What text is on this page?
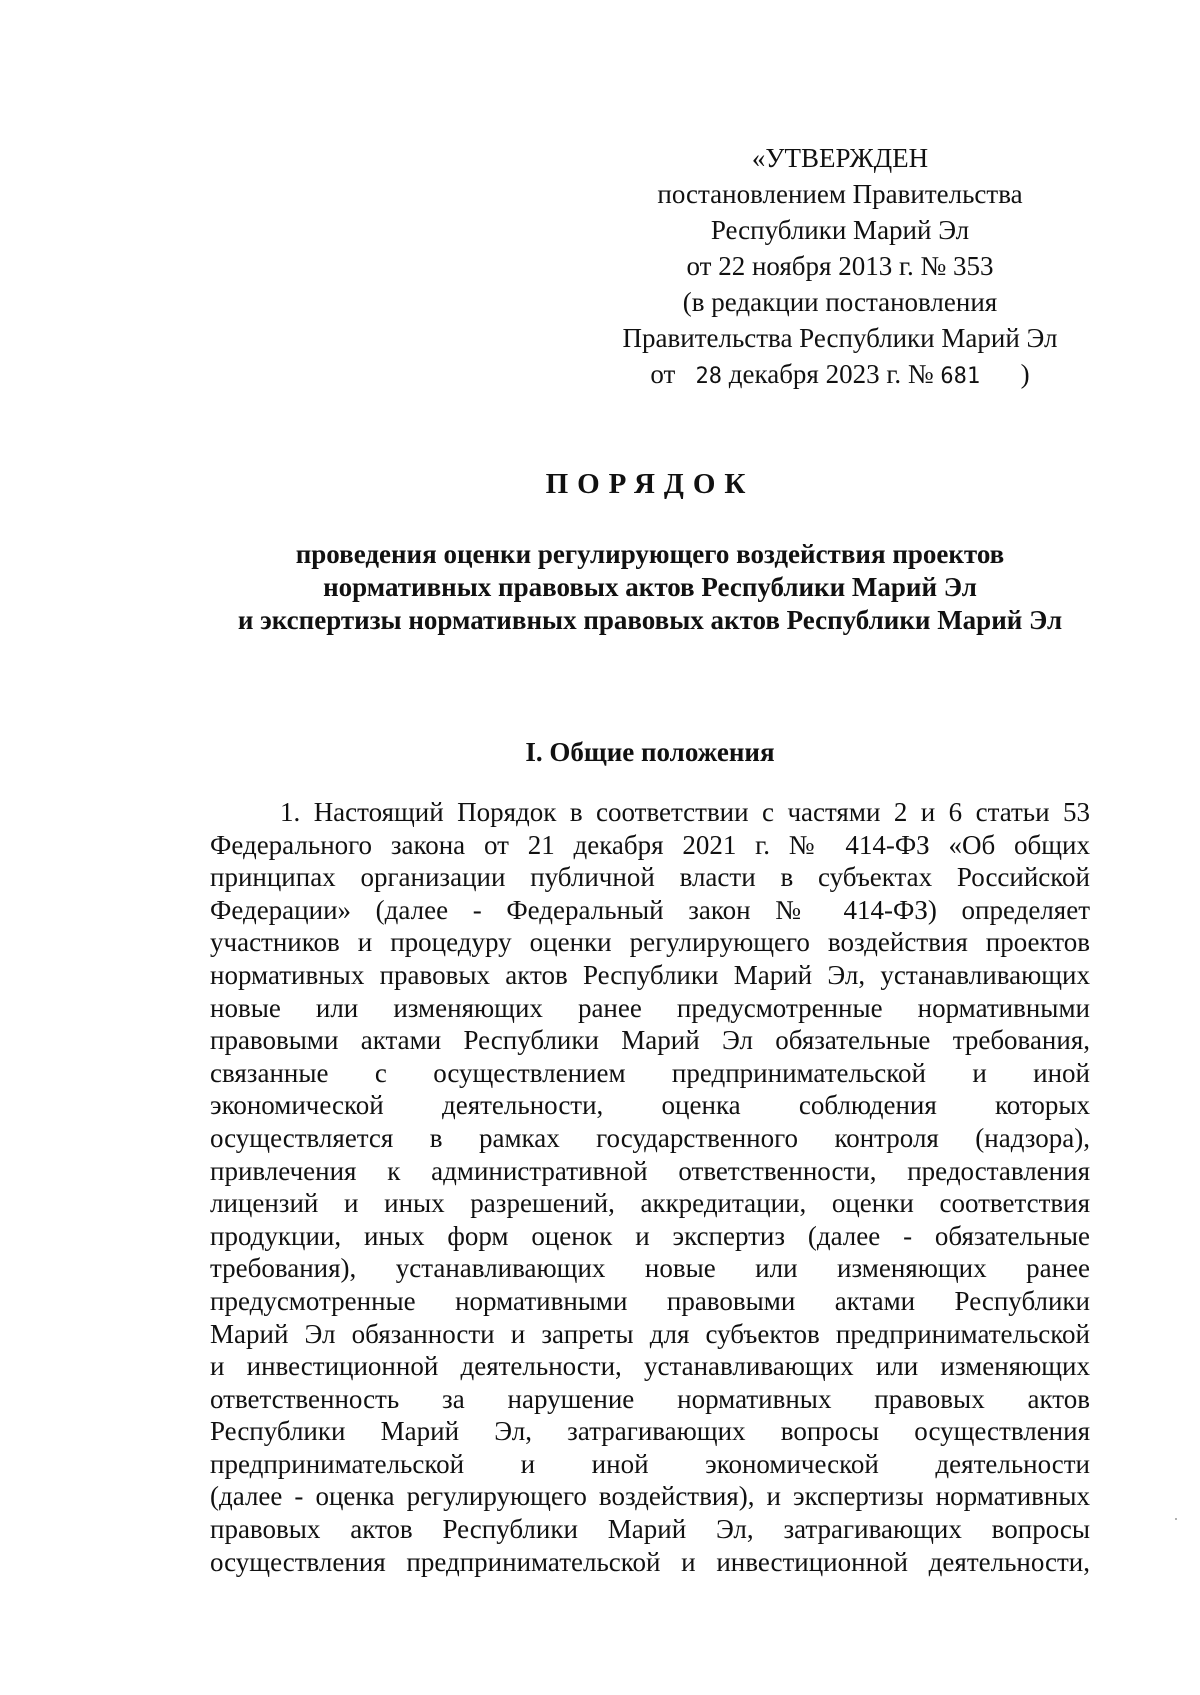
«УТВЕРЖДЕН
постановлением Правительства
Республики Марий Эл
от 22 ноября 2013 г. № 353
(в редакции постановления
Правительства Республики Марий Эл
от   28 декабря 2023 г. № 681 )
ПОРЯДОК
проведения оценки регулирующего воздействия проектов
нормативных правовых актов Республики Марий Эл
и экспертизы нормативных правовых актов Республики Марий Эл
I. Общие положения
1. Настоящий Порядок в соответствии с частями 2 и 6 статьи 53
Федерального закона от 21 декабря 2021 г. № 414-ФЗ «Об общих
принципах организации публичной власти в субъектах Российской
Федерации» (далее - Федеральный закон № 414-ФЗ) определяет
участников и процедуру оценки регулирующего воздействия проектов
нормативных правовых актов Республики Марий Эл, устанавливающих
новые или изменяющих ранее предусмотренные нормативными
правовыми актами Республики Марий Эл обязательные требования,
связанные с осуществлением предпринимательской и иной
экономической деятельности, оценка соблюдения которых
осуществляется в рамках государственного контроля (надзора),
привлечения к административной ответственности, предоставления
лицензий и иных разрешений, аккредитации, оценки соответствия
продукции, иных форм оценок и экспертиз (далее - обязательные
требования), устанавливающих новые или изменяющих ранее
предусмотренные нормативными правовыми актами Республики
Марий Эл обязанности и запреты для субъектов предпринимательской
и инвестиционной деятельности, устанавливающих или изменяющих
ответственность за нарушение нормативных правовых актов
Республики Марий Эл, затрагивающих вопросы осуществления
предпринимательской и иной экономической деятельности
(далее - оценка регулирующего воздействия), и экспертизы нормативных
правовых актов Республики Марий Эл, затрагивающих вопросы
осуществления предпринимательской и инвестиционной деятельности,
